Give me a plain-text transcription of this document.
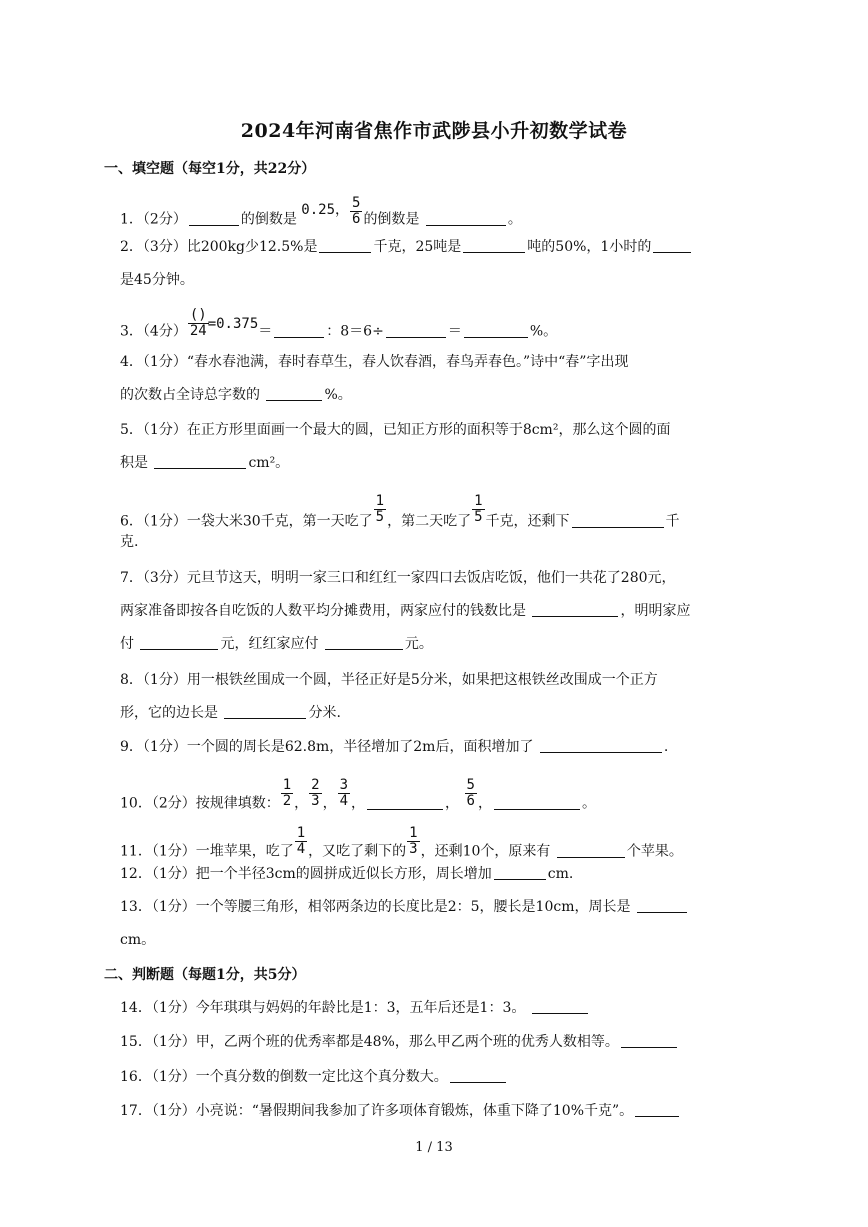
2024年河南省焦作市武陟县小升初数学试卷
一、填空题（每空1分，共22分）
1．（2分）	的倒数是 0.25， $\frac{5}{6}$ 的倒数是	。
2．（3分）比200kg少12.5%是	千克，25吨是	吨的50%，1小时的
是45分钟。
3．（4分） $\frac{()}{24} =0.375=$	：8＝6÷	＝	%。
4．（1分）“春水春池满，春时春草生，春人饮春酒，春鸟弄春色。”诗中“春”字出现
的次数占全诗总字数的	%。
5．（1分）在正方形里面画一个最大的圆，已知正方形的面积等于8cm²，那么这个圆的面
积是	cm²。
6．（1分）一袋大米30千克，第一天吃了 $\frac{1}{5}$ ，第二天吃了 $\frac{1}{5}$ 千克，还剩下	千
克.
7．（3分）元旦节这天，明明一家三口和红红一家四口去饭店吃饭，他们一共花了280元，
两家准备即按各自吃饭的人数平均分摊费用，两家应付的钱数比是	，明明家应
付	元，红红家应付	元。
8．（1分）用一根铁丝围成一个圆，半径正好是5分米，如果把这根铁丝改围成一个正方
形，它的边长是	分米.
9．（1分）一个圆的周长是62.8m，半径增加了2m后，面积增加了	.
10．（2分）按规律填数： $\frac{1}{2}$ ， $\frac{2}{3}$ ， $\frac{3}{4}$ ，	， $\frac{5}{6}$ ，	。
11．（1分）一堆苹果，吃了 $\frac{1}{4}$ ，又吃了剩下的 $\frac{1}{3}$ ，还剩10个，原来有	个苹果。
12．（1分）把一个半径3cm的圆拼成近似长方形，周长增加	cm.
13．（1分）一个等腰三角形，相邻两条边的长度比是2：5，腰长是10cm，周长是
cm。
二、判断题（每题1分，共5分）
14．（1分）今年琪琪与妈妈的年龄比是1：3，五年后还是1：3。
15．（1分）甲，乙两个班的优秀率都是48%，那么甲乙两个班的优秀人数相等。
16．（1分）一个真分数的倒数一定比这个真分数大。
17．（1分）小亮说：“暑假期间我参加了许多项体育锻炼，体重下降了10%千克”。
1 / 13
